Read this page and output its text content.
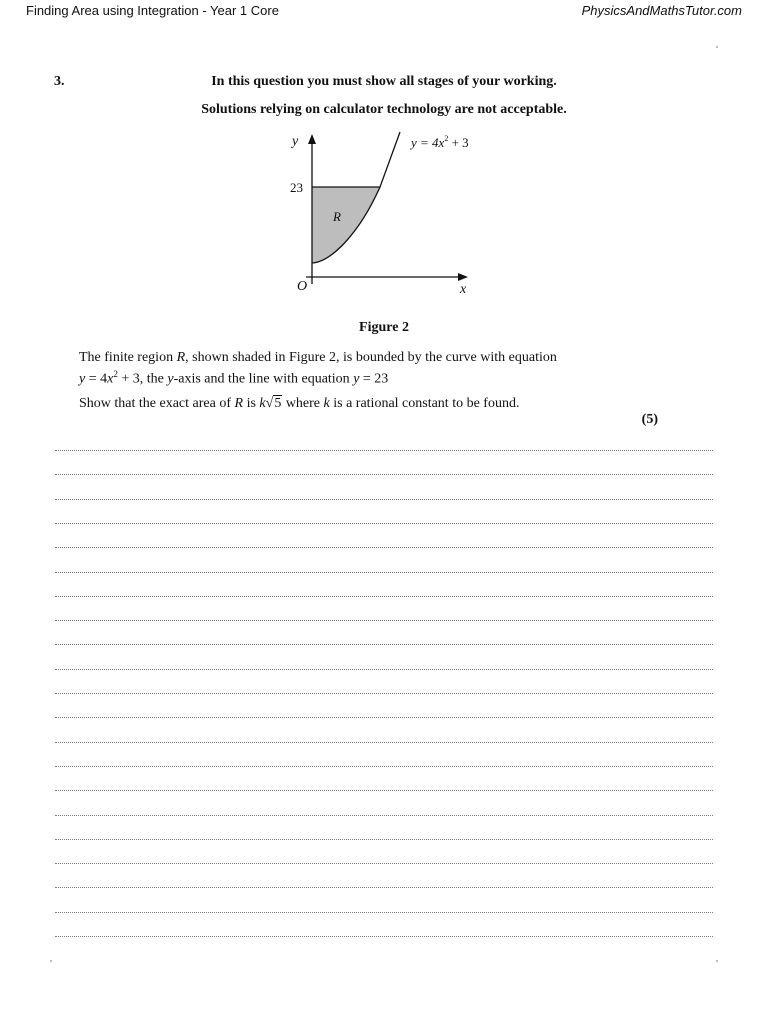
Finding Area using Integration - Year 1 Core	PhysicsAndMathsTutor.com
3.	In this question you must show all stages of your working.
Solutions relying on calculator technology are not acceptable.
y
23
R
O	x
$y = 4x^2 + 3$
Figure 2
The finite region R, shown shaded in Figure 2, is bounded by the curve with equation
$y = 4x^2 + 3$, the y-axis and the line with equation y = 23
Show that the exact area of R is k√5 where k is a rational constant to be found.
(5)
